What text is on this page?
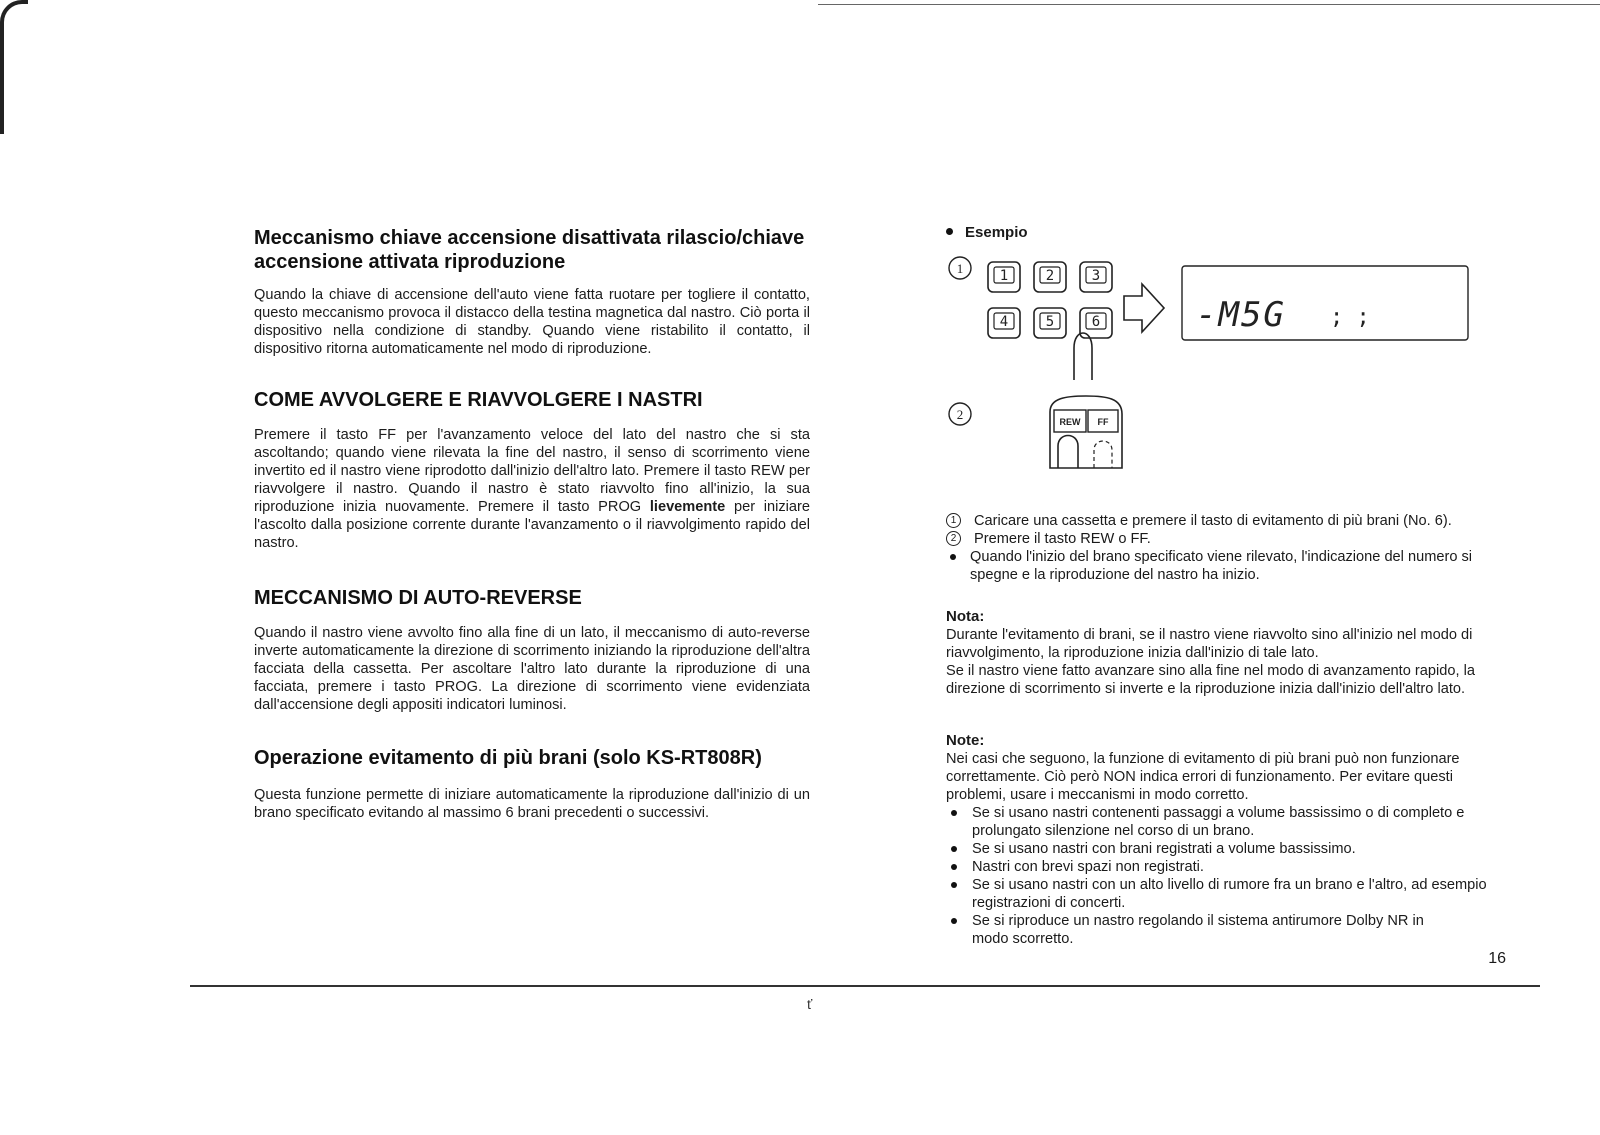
ť
Meccanismo chiave accensione disattivata rilascio/chiave accensione attivata riproduzione

Quando la chiave di accensione dell'auto viene fatta ruotare per togliere il contatto, questo meccanismo provoca il distacco della testina magnetica dal nastro. Ciò porta il dispositivo nella condizione di standby. Quando viene ristabilito il contatto, il dispositivo ritorna automaticamente nel modo di riproduzione.

COME AVVOLGERE E RIAVVOLGERE I NASTRI

Premere il tasto FF per l'avanzamento veloce del lato del nastro che si sta ascoltando; quando viene rilevata la fine del nastro, il senso di scorrimento viene invertito ed il nastro viene riprodotto dall'inizio dell'altro lato. Premere il tasto REW per riavvolgere il nastro. Quando il nastro è stato riavvolto fino all'inizio, la sua riproduzione inizia nuovamente. Premere il tasto PROG lievemente per iniziare l'ascolto dalla posizione corrente durante l'avanzamento o il riavvolgimento rapido del nastro.

MECCANISMO DI AUTO-REVERSE

Quando il nastro viene avvolto fino alla fine di un lato, il meccanismo di auto-reverse inverte automaticamente la direzione di scorrimento iniziando la riproduzione dell'altra facciata della cassetta. Per ascoltare l'altro lato durante la riproduzione di una facciata, premere i tasto PROG. La direzione di scorrimento viene evidenziata dall'accensione degli appositi indicatori luminosi.

Operazione evitamento di più brani (solo KS-RT808R)

Questa funzione permette di iniziare automaticamente la riproduzione dall'inizio di un brano specificato evitando al massimo 6 brani precedenti o successivi.

Esempio
1	1	2	3
4	5	6	-M5G ; ;
2	REW FF
1	Caricare una cassetta e premere il tasto di evitamento di più brani (No. 6).
2	Premere il tasto REW o FF.
Quando l'inizio del brano specificato viene rilevato, l'indicazione del numero si spegne e la riproduzione del nastro ha inizio.
Nota:

Durante l'evitamento di brani, se il nastro viene riavvolto sino all'inizio nel modo di riavvolgimento, la riproduzione inizia dall'inizio di tale lato.

Se il nastro viene fatto avanzare sino alla fine nel modo di avanzamento rapido, la direzione di scorrimento si inverte e la riproduzione inizia dall'inizio dell'altro lato.

Note:

Nei casi che seguono, la funzione di evitamento di più brani può non funzionare correttamente. Ciò però NON indica errori di funzionamento. Per evitare questi problemi, usare i meccanismi in modo corretto.

Se si usano nastri contenenti passaggi a volume bassissimo o di completo e prolungato silenzione nel corso di un brano.
Se si usano nastri con brani registrati a volume bassissimo.
Nastri con brevi spazi non registrati.
Se si usano nastri con un alto livello di rumore fra un brano e l'altro, ad esempio registrazioni di concerti.
Se si riproduce un nastro regolando il sistema antirumore Dolby NR in modo scorretto.
16
